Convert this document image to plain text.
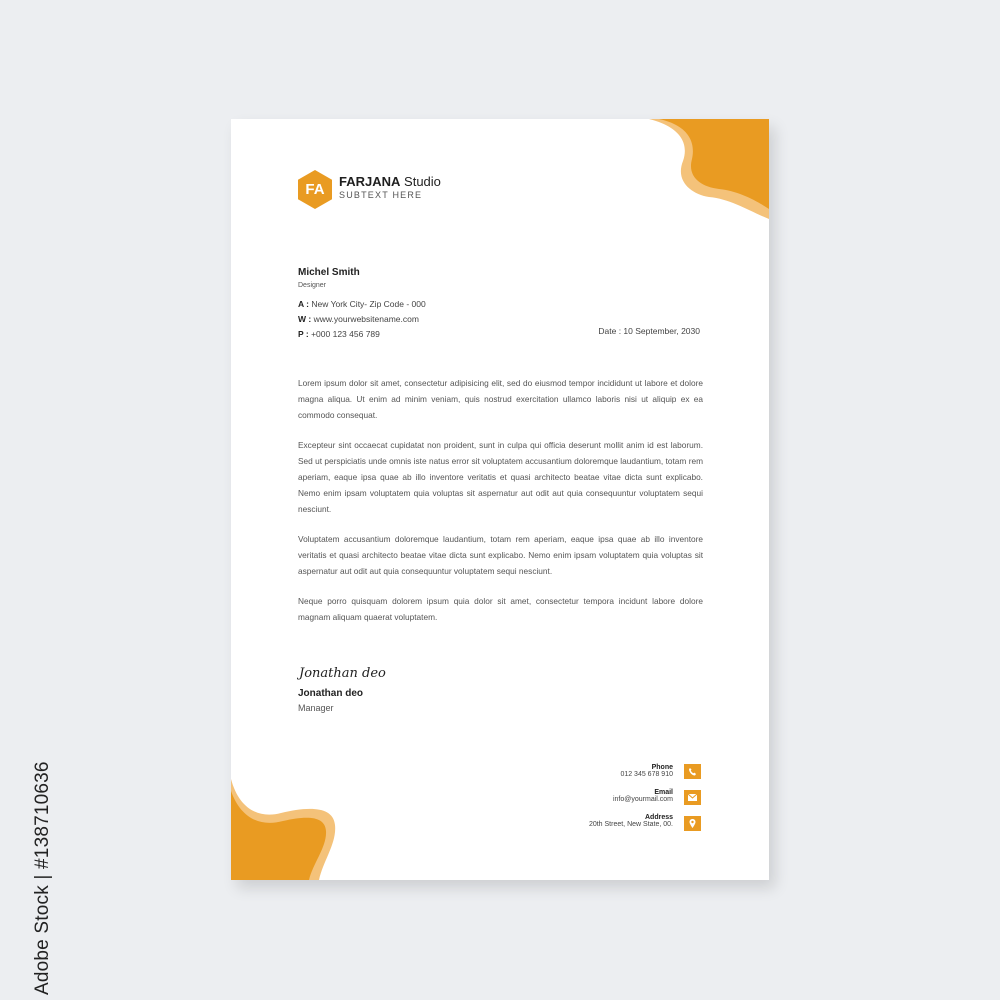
FA	FARJANA Studio
SUBTEXT HERE
Michel Smith
Designer
A : New York City- Zip Code - 000
W : www.yourwebsitename.com
P : +000 123 456 789	Date : 10 September, 2030

Lorem ipsum dolor sit amet, consectetur adipisicing elit, sed do eiusmod tempor incididunt ut labore et dolore magna aliqua. Ut enim ad minim veniam, quis nostrud exercitation ullamco laboris nisi ut aliquip ex ea commodo consequat.

Excepteur sint occaecat cupidatat non proident, sunt in culpa qui officia deserunt mollit anim id est laborum. Sed ut perspiciatis unde omnis iste natus error sit voluptatem accusantium doloremque laudantium, totam rem aperiam, eaque ipsa quae ab illo inventore veritatis et quasi architecto beatae vitae dicta sunt explicabo. Nemo enim ipsam voluptatem quia voluptas sit aspernatur aut odit aut quia consequuntur voluptatem sequi nesciunt.

Voluptatem accusantium doloremque laudantium, totam rem aperiam, eaque ipsa quae ab illo inventore veritatis et quasi architecto beatae vitae dicta sunt explicabo. Nemo enim ipsam voluptatem quia voluptas sit aspernatur aut odit aut quia consequuntur voluptatem sequi nesciunt.

Neque porro quisquam dolorem ipsum quia dolor sit amet, consectetur tempora incidunt labore dolore magnam aliquam quaerat voluptatem.

Jonathan deo
Jonathan deo
Manager
Phone
012 345 678 910
Email
info@yourmail.com
Address
20th Street, New State, 00.
Adobe Stock | #138710636
